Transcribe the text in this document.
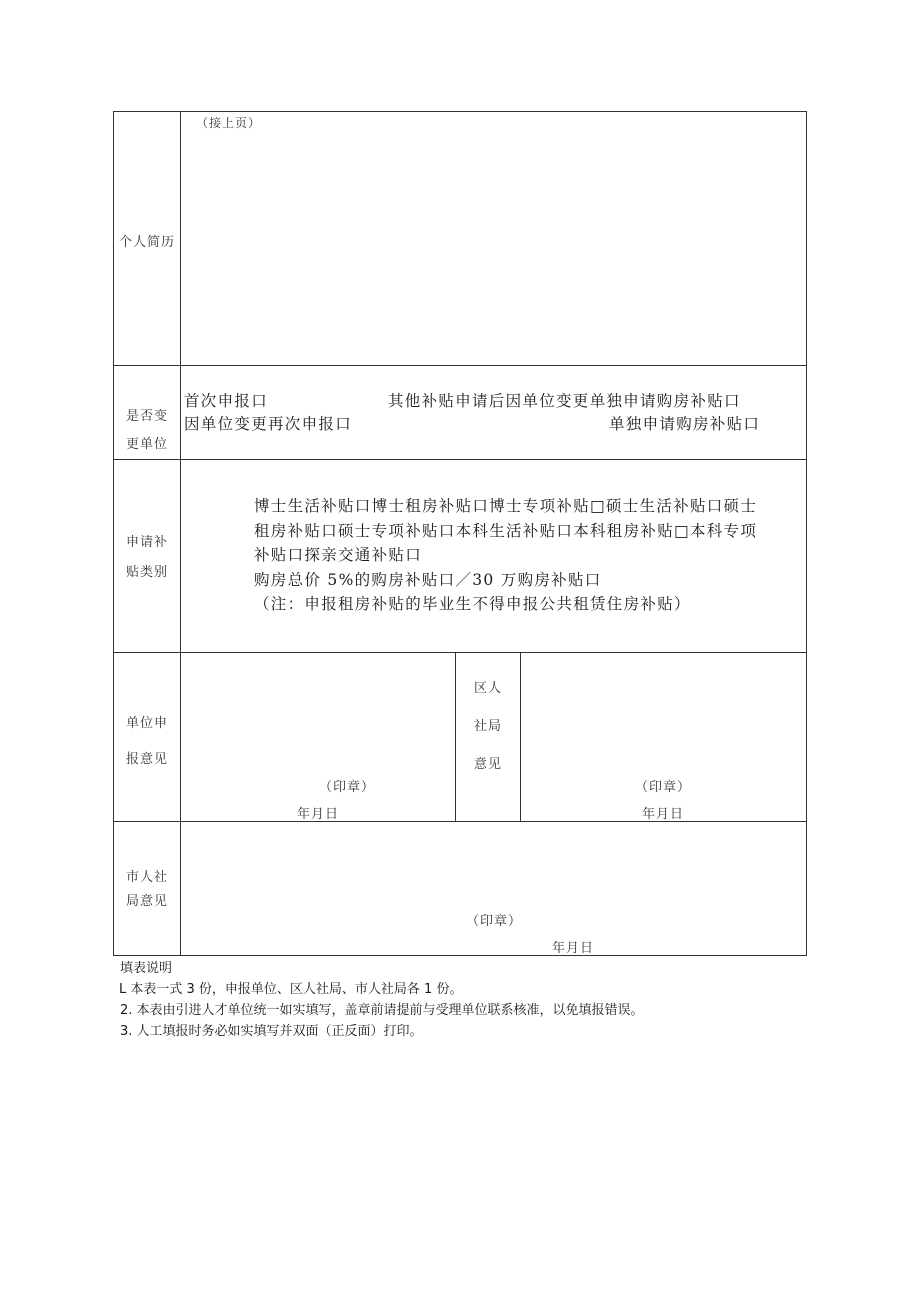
个人简历
（接上页）
是否变
更单位
首次申报口	其他补贴申请后因单位变更单独申请购房补贴口
因单位变更再次申报口	单独申请购房补贴口
申请补
贴类别
博士生活补贴口博士租房补贴口博士专项补贴□硕士生活补贴口硕士
租房补贴口硕士专项补贴口本科生活补贴口本科租房补贴□本科专项
补贴口探亲交通补贴口
购房总价 5%的购房补贴口／30 万购房补贴口
（注：申报租房补贴的毕业生不得申报公共租赁住房补贴）
单位申
报意见
（印章）
年月日
区人
社局
意见
（印章）
年月日
市人社
局意见
（印章）
年月日
填表说明
L 本表一式 3 份，申报单位、区人社局、市人社局各 1 份。
2. 本表由引进人才单位统一如实填写，盖章前请提前与受理单位联系核准，以免填报错误。
3. 人工填报时务必如实填写并双面（正反面）打印。
